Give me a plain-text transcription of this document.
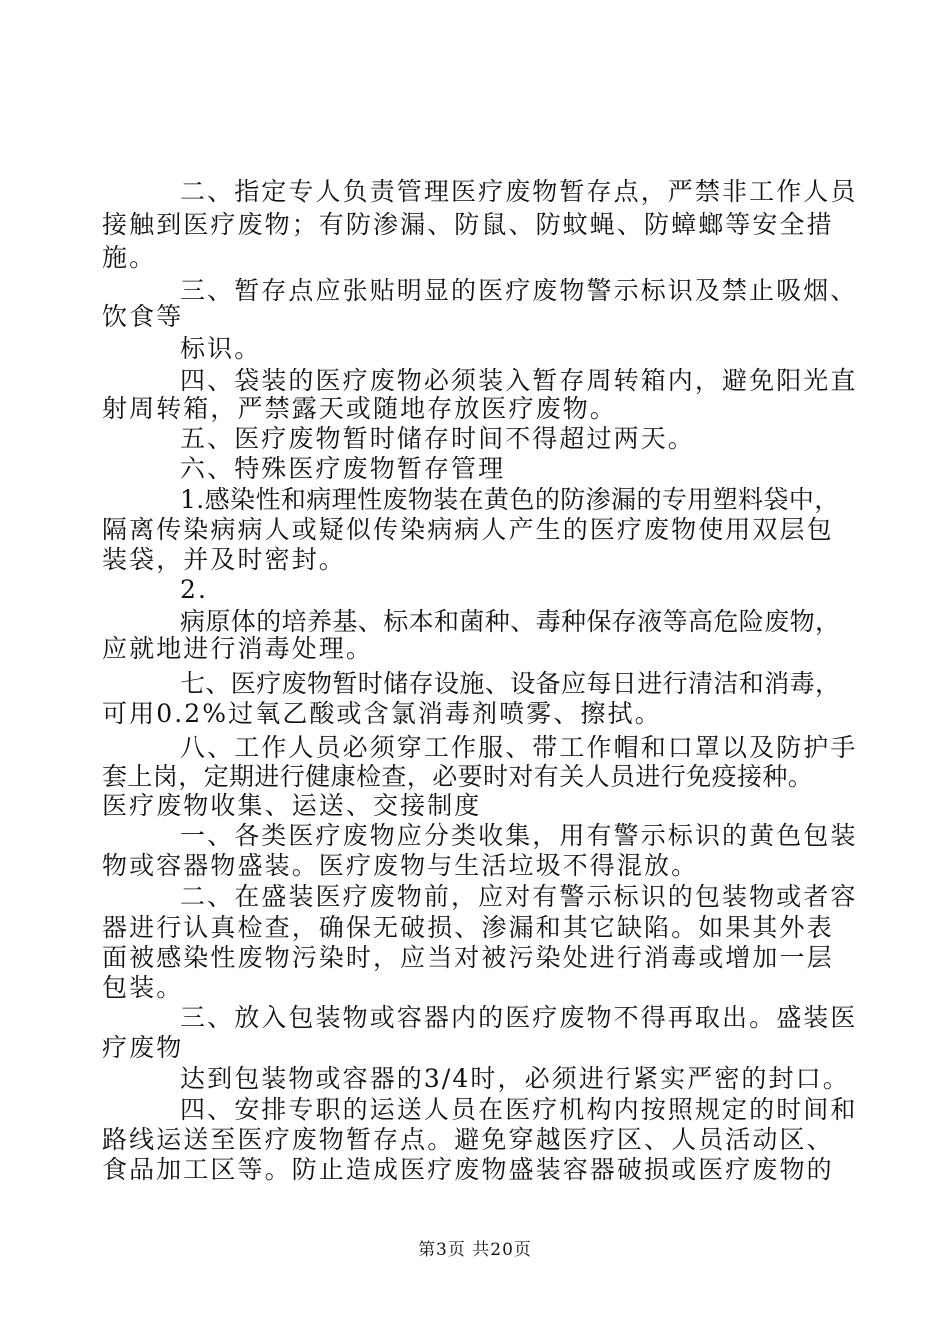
二、指定专人负责管理医疗废物暂存点，严禁非工作人员
接触到医疗废物；有防渗漏、防鼠、防蚊蝇、防蟑螂等安全措
施。
三、暂存点应张贴明显的医疗废物警示标识及禁止吸烟、
饮食等
标识。
四、袋装的医疗废物必须装入暂存周转箱内，避免阳光直
射周转箱，严禁露天或随地存放医疗废物。
五、医疗废物暂时储存时间不得超过两天。
六、特殊医疗废物暂存管理
1.感染性和病理性废物装在黄色的防渗漏的专用塑料袋中，
隔离传染病病人或疑似传染病病人产生的医疗废物使用双层包
装袋，并及时密封。
2.
病原体的培养基、标本和菌种、毒种保存液等高危险废物，
应就地进行消毒处理。
七、医疗废物暂时储存设施、设备应每日进行清洁和消毒，
可用0.2%过氧乙酸或含氯消毒剂喷雾、擦拭。
八、工作人员必须穿工作服、带工作帽和口罩以及防护手
套上岗，定期进行健康检查，必要时对有关人员进行免疫接种。
医疗废物收集、运送、交接制度
一、各类医疗废物应分类收集，用有警示标识的黄色包装
物或容器物盛装。医疗废物与生活垃圾不得混放。
二、在盛装医疗废物前，应对有警示标识的包装物或者容
器进行认真检查，确保无破损、渗漏和其它缺陷。如果其外表
面被感染性废物污染时，应当对被污染处进行消毒或增加一层
包装。
三、放入包装物或容器内的医疗废物不得再取出。盛装医
疗废物
达到包装物或容器的3/4时，必须进行紧实严密的封口。
四、安排专职的运送人员在医疗机构内按照规定的时间和
路线运送至医疗废物暂存点。避免穿越医疗区、人员活动区、
食品加工区等。防止造成医疗废物盛装容器破损或医疗废物的
第3页 共20页
